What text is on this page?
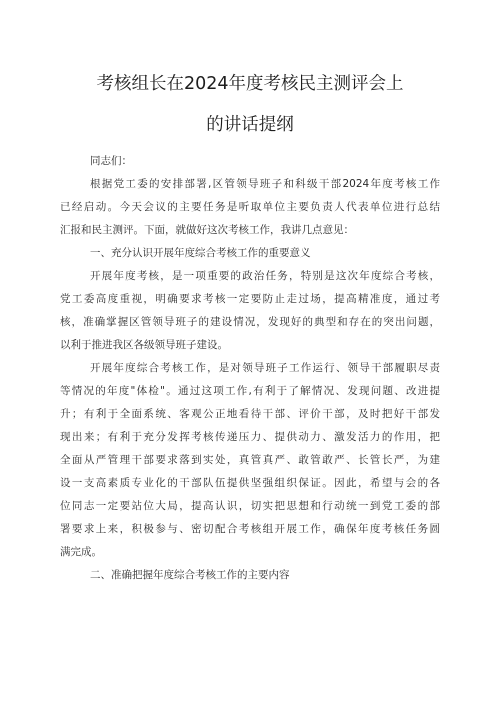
考核组长在2024年度考核民主测评会上
的讲话提纲
同志们：
根据党工委的安排部署,区管领导班子和科级干部2024年度考核工作
已经启动。今天会议的主要任务是听取单位主要负责人代表单位进行总结
汇报和民主测评。下面，就做好这次考核工作，我讲几点意见：
一、充分认识开展年度综合考核工作的重要意义
开展年度考核，是一项重要的政治任务，特别是这次年度综合考核，
党工委高度重视，明确要求考核一定要防止走过场，提高精准度，通过考
核，准确掌握区管领导班子的建设情况，发现好的典型和存在的突出问题，
以利于推进我区各级领导班子建设。
开展年度综合考核工作，是对领导班子工作运行、领导干部履职尽责
等情况的年度"体检"。通过这项工作,有利于了解情况、发现问题、改进提
升；有利于全面系统、客观公正地看待干部、评价干部，及时把好干部发
现出来；有利于充分发挥考核传递压力、提供动力、激发活力的作用，把
全面从严管理干部要求落到实处，真管真严、敢管敢严、长管长严，为建
设一支高素质专业化的干部队伍提供坚强组织保证。因此，希望与会的各
位同志一定要站位大局，提高认识，切实把思想和行动统一到党工委的部
署要求上来，积极参与、密切配合考核组开展工作，确保年度考核任务圆
满完成。
二、准确把握年度综合考核工作的主要内容
